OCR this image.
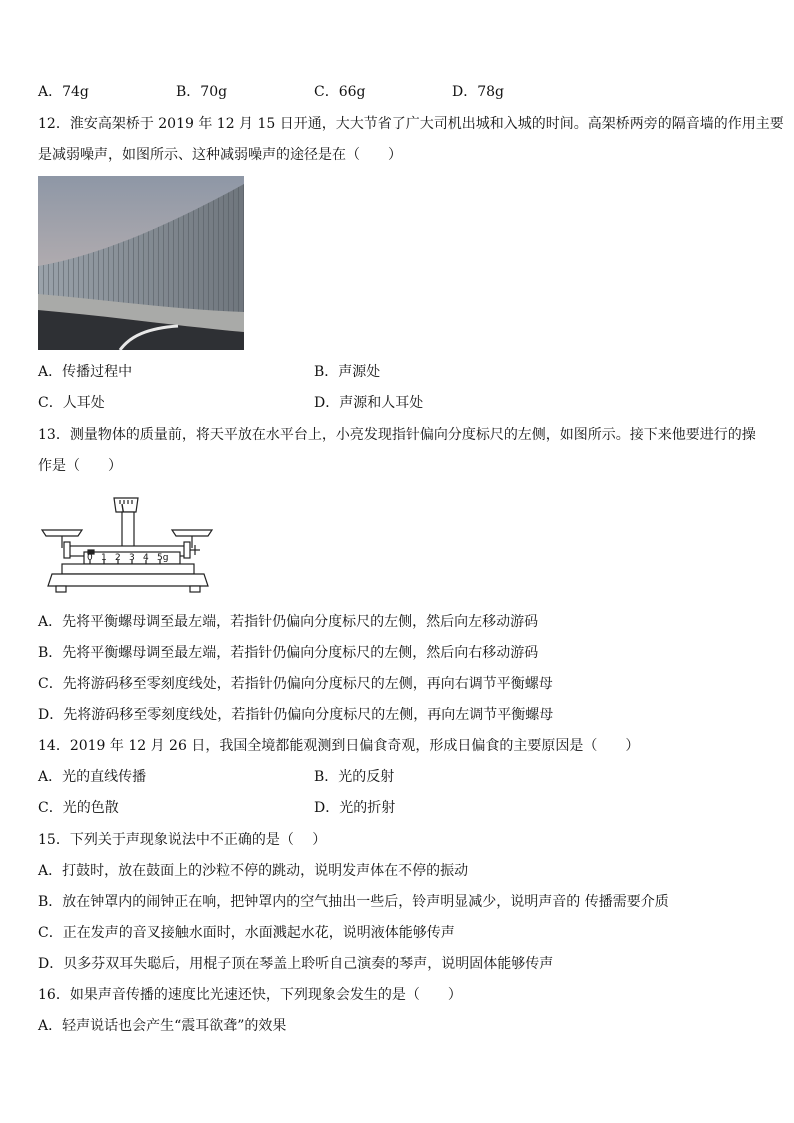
A．74g	B．70g	C．66g	D．78g
12．淮安高架桥于 2019 年 12 月 15 日开通，大大节省了广大司机出城和入城的时间。高架桥两旁的隔音墙的作用主要
是减弱噪声，如图所示、这种减弱噪声的途径是在（　　）
A．传播过程中	B．声源处
C．人耳处	D．声源和人耳处
13．测量物体的质量前，将天平放在水平台上，小亮发现指针偏向分度标尺的左侧，如图所示。接下来他要进行的操
作是（　　）
0 1 2 3 4 5g
A．先将平衡螺母调至最左端，若指针仍偏向分度标尺的左侧，然后向左移动游码
B．先将平衡螺母调至最左端，若指针仍偏向分度标尺的左侧，然后向右移动游码
C．先将游码移至零刻度线处，若指针仍偏向分度标尺的左侧，再向右调节平衡螺母
D．先将游码移至零刻度线处，若指针仍偏向分度标尺的左侧，再向左调节平衡螺母
14．2019 年 12 月 26 日，我国全境都能观测到日偏食奇观，形成日偏食的主要原因是（　　）
A．光的直线传播	B．光的反射
C．光的色散	D．光的折射
15．下列关于声现象说法中不正确的是（　 ）
A．打鼓时，放在鼓面上的沙粒不停的跳动，说明发声体在不停的振动
B．放在钟罩内的闹钟正在响，把钟罩内的空气抽出一些后，铃声明显减少，说明声音的 传播需要介质
C．正在发声的音叉接触水面时，水面溅起水花，说明液体能够传声
D．贝多芬双耳失聪后，用棍子顶在琴盖上聆听自己演奏的琴声，说明固体能够传声
16．如果声音传播的速度比光速还快，下列现象会发生的是（　　）
A．轻声说话也会产生“震耳欲聋”的效果
